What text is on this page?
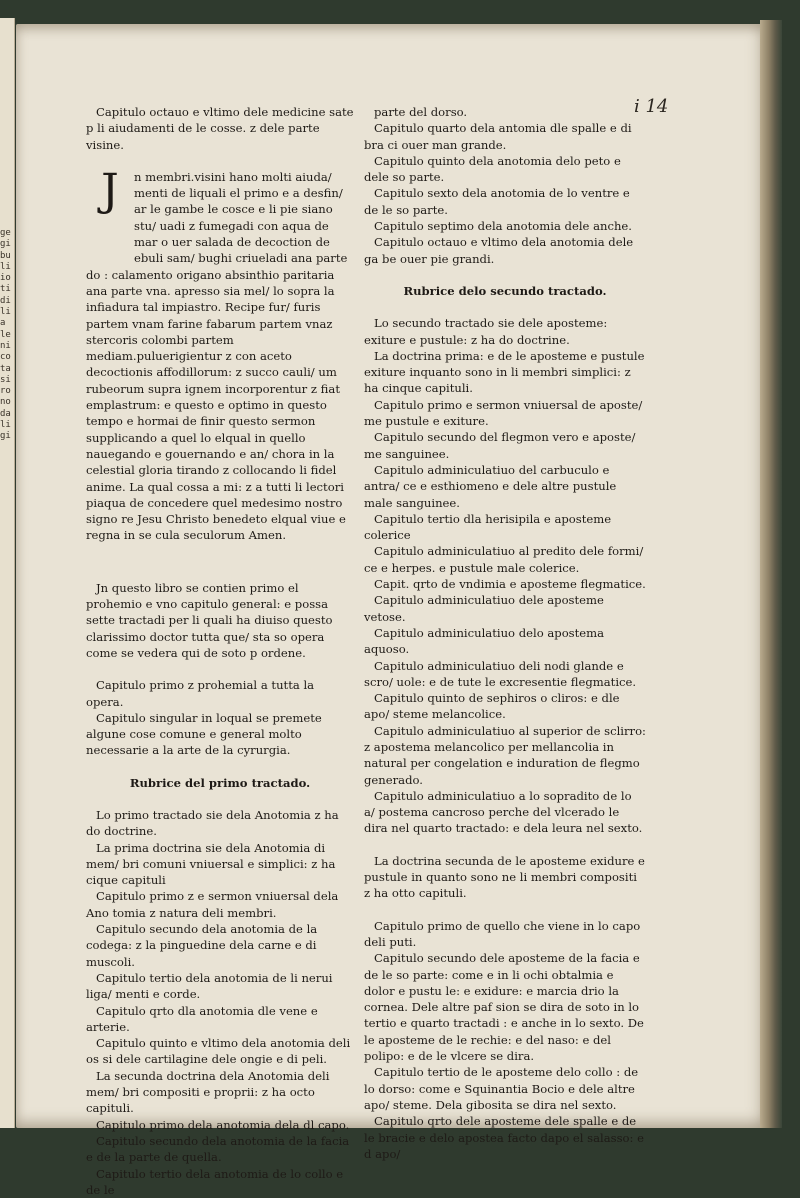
ge
gi
bu
li
io
ti
di
li
a
le
ni
co
ta
si
ro
no
da
li
gi
i 14

Capitulo octauo e vltimo dele medicine sate p li aiudamenti de le cosse. z dele parte visine.

J	n membri.visini hano molti aiuda/ menti de liquali el primo e a desfin/ ar le gambe le cosce e li pie siano stu/ uadi z fumegadi con aqua de mar o uer salada de decoction de ebuli sam/ bughi criueladi ana parte do : calamento origano absinthio paritaria ana parte vna. apresso sia mel/ lo sopra la infiadura tal impiastro. Recipe fur/ furis partem vnam farine fabarum partem vnaz stercoris colombi partem mediam.puluerigientur z con aceto decoctionis affodillorum: z succo cauli/ um rubeorum supra ignem incorporentur z fiat emplastrum: e questo e optimo in questo tempo e hormai de finir questo sermon supplicando a quel lo elqual in quello nauegando e gouernando e an/ chora in la celestial gloria tirando z collocando li fidel anime. La qual cossa a mi: z a tutti li lectori piaqua de concedere quel medesimo nostro signo re Jesu Christo benedeto elqual viue e regna in se cula seculorum Amen.

Jn questo libro se contien primo el prohemio e vno capitulo general: e possa sette tractadi per li quali ha diuiso questo clarissimo doctor tutta que/ sta so opera come se vedera qui de soto p ordene.

Capitulo primo z prohemial a tutta la opera.

Capitulo singular in loqual se premete algune cose comune e general molto necessarie a la arte de la cyrurgia.

Rubrice del primo tractado.

Lo primo tractado sie dela Anotomia z ha do doctrine.

La prima doctrina sie dela Anotomia di mem/ bri comuni vniuersal e simplici: z ha cique capituli

Capitulo primo z e sermon vniuersal dela Ano tomia z natura deli membri.

Capitulo secundo dela anotomia de la codega: z la pinguedine dela carne e di muscoli.

Capitulo tertio dela anotomia de li nerui liga/ menti e corde.

Capitulo qrto dla anotomia dle vene e arterie.

Capitulo quinto e vltimo dela anotomia deli os si dele cartilagine dele ongie e di peli.

La secunda doctrina dela Anotomia deli mem/ bri compositi e proprii: z ha octo capituli.

Capitulo primo dela anotomia dela dl capo.

Capitulo secundo dela anotomia de la facia e de la parte de quella.

Capitulo tertio dela anotomia de lo collo e de le

parte del dorso.

Capitulo quarto dela antomia dle spalle e di bra ci ouer man grande.

Capitulo quinto dela anotomia delo peto e dele so parte.

Capitulo sexto dela anotomia de lo ventre e de le so parte.

Capitulo septimo dela anotomia dele anche.

Capitulo octauo e vltimo dela anotomia dele ga be ouer pie grandi.

Rubrice delo secundo tractado.

Lo secundo tractado sie dele aposteme: exiture e pustule: z ha do doctrine.

La doctrina prima: e de le aposteme e pustule exiture inquanto sono in li membri simplici: z ha cinque capituli.

Capitulo primo e sermon vniuersal de aposte/ me pustule e exiture.

Capitulo secundo del flegmon vero e aposte/ me sanguinee.

Capitulo adminiculatiuo del carbuculo e antra/ ce e esthiomeno e dele altre pustule male sanguinee.

Capitulo tertio dla herisipila e aposteme colerice

Capitulo adminiculatiuo al predito dele formi/ ce e herpes. e pustule male colerice.

Capit. qrto de vndimia e aposteme flegmatice.

Capitulo adminiculatiuo dele aposteme vetose.

Capitulo adminiculatiuo delo apostema aquoso.

Capitulo adminiculatiuo deli nodi glande e scro/ uole: e de tute le excresentie flegmatice.

Capitulo quinto de sephiros o cliros: e dle apo/ steme melancolice.

Capitulo adminiculatiuo al superior de sclirro: z apostema melancolico per mellancolia in natural per congelation e induration de flegmo generado.

Capitulo adminiculatiuo a lo sopradito de lo a/ postema cancroso perche del vlcerado le dira nel quarto tractado: e dela leura nel sexto.

La doctrina secunda de le aposteme exidure e pustule in quanto sono ne li membri compositi z ha otto capituli.

Capitulo primo de quello che viene in lo capo deli puti.

Capitulo secundo dele aposteme de la facia e de le so parte: come e in li ochi obtalmia e dolor e pustu le: e exidure: e marcia drio la cornea. Dele altre paf sion se dira de soto in lo tertio e quarto tractadi : e anche in lo sexto. De le aposteme de le rechie: e del naso: e del polipo: e de le vlcere se dira.

Capitulo tertio de le aposteme delo collo : de lo dorso: come e Squinantia Bocio e dele altre apo/ steme. Dela gibosita se dira nel sexto.

Capitulo qrto dele aposteme dele spalle e de le bracie e delo apostea facto dapo el salasso: e d apo/
